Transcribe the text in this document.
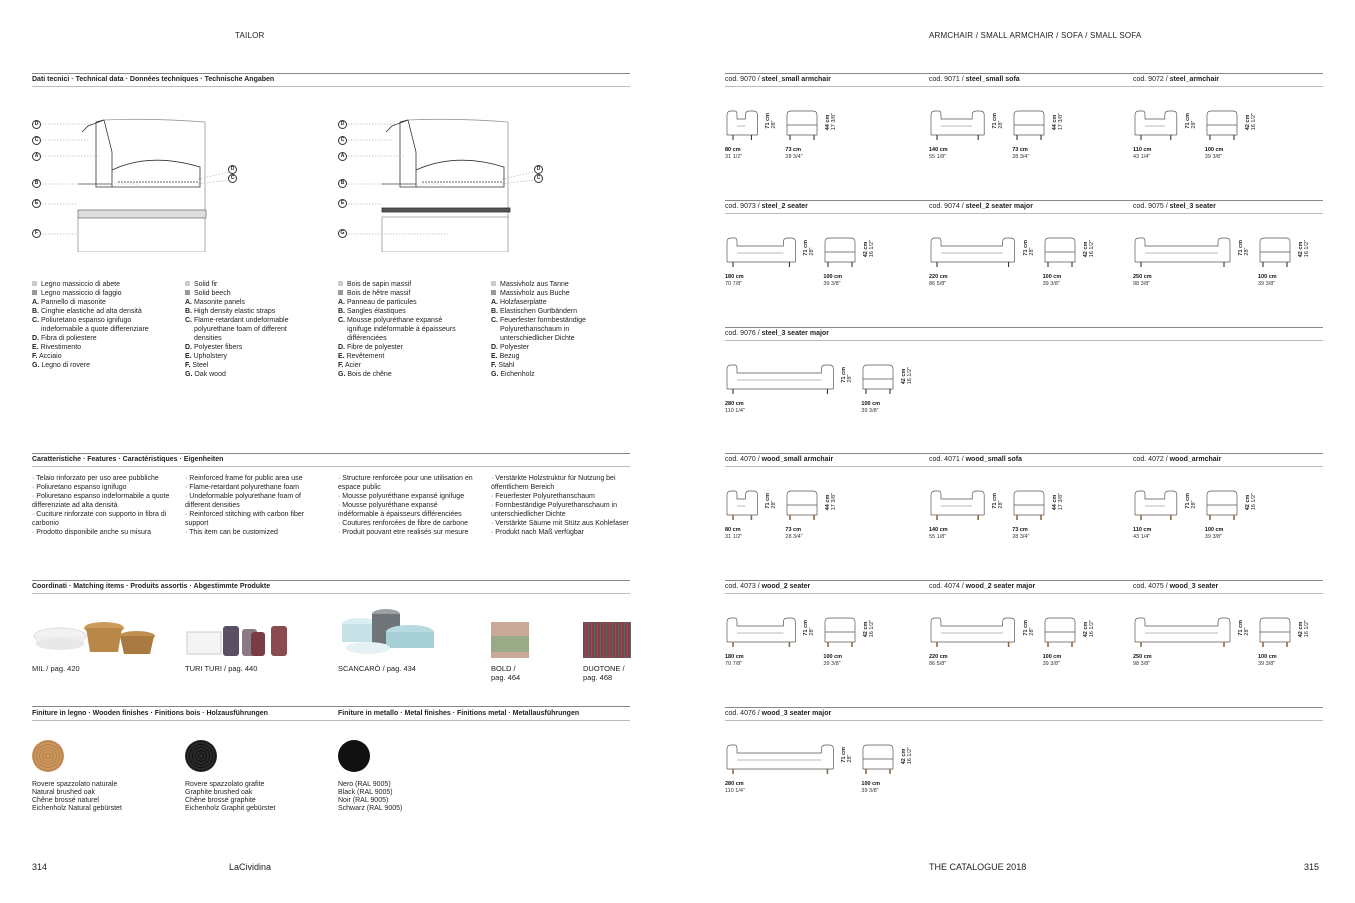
TAILOR
Dati tecnici · Technical data · Données techniques · Technische Angaben
D
C
A
B
E
F
D
C
D
C
A
B
E
G
D
C
Legno massiccio di abete
Legno massiccio di faggio
A. Pannello di masonite
B. Cinghie elastiche ad alta densità
C. Poliuretano espanso ignifugo indeformabile a quote differenziare
D. Fibra di poliestere
E. Rivestimento
F. Acciaio
G. Legno di rovere
Solid fir
Solid beech
A. Masonite panels
B. High density elastic straps
C. Flame-retardant undeformable polyurethane foam of different densities
D. Polyester fibers
E. Upholstery
F. Steel
G. Oak wood
Bois de sapin massif
Bois de hêtre massif
A. Panneau de particules
B. Sangles élastiques
C. Mousse polyuréthane expansé ignifuge indéformable à épaisseurs différenciées
D. Fibre de polyester
E. Revêtement
F. Acier
G. Bois de chêne
Massivholz aus Tanne
Massivholz aus Buche
A. Holzfaserplatte
B. Elastischen Gurtbändern
C. Feuerfester formbeständige Polyurethanschaum in unterschiedlicher Dichte
D. Polyester
E. Bezug
F. Stahl
G. Eichenholz
Caratteristiche · Features · Caractéristiques · Eigenheiten
· Telaio rinforzato per uso aree pubbliche
· Poliuretano espanso ignifugo
· Poliuretano espanso indeformabile a quote differenziate ad alta densità
· Cuciture rinforzate con supporto in fibra di carbonio
· Prodotto disponibile anche su misura
· Reinforced frame for public area use
· Flame-retardant polyurethane foam
· Undeformable polyurethane foam of different densities
· Reinforced stitching with carbon fiber support
· This item can be customized
· Structure renforcée pour une utilisation en espace public
· Mousse polyuréthane expansé ignifuge
· Mousse polyuréthane expansé indéformable à épaisseurs différenciées
· Coutures renforcées de fibre de carbone
· Produit pouvant etre realisés sur mesure
· Verstärkte Holzstruktur für Nutzung bei öffentlichem Bereich
· Feuerfester Polyurethanschaum
· Formbeständige Polyurethanschaum in unterschiedlicher Dichte
· Verstärkte Säume mit Stütz aus Kohlefaser
· Produkt nach Maß verfügbar
Coordinati · Matching items · Produits assortis · Abgestimmte Produkte
MIL / pag. 420	TURI TURI / pag. 440	SCANCARÒ / pag. 434	BOLD / pag. 464
DUOTONE / pag. 468
Finiture in legno · Wooden finishes · Finitions bois · Holzausführungen	Finiture in metallo · Metal finishes · Finitions metal · Metallausführungen
Rovere spazzolato naturale
Natural brushed oak
Chêne brossé naturel
Eichenholz Natural gebürstet
Rovere spazzolato grafite
Graphite brushed oak
Chêne brossé graphite
Eichenholz Graphit gebürstet
Nero (RAL 9005)
Black (RAL 9005)
Noir (RAL 9005)
Schwarz (RAL 9005)
314	LaCividina
ARMCHAIR / SMALL ARMCHAIR / SOFA / SMALL SOFA
cod. 9070 / steel_small armchair
71 cm
28"	44 cm
17 3/8"
80 cm
31 1/2"
73 cm
28 3/4"
cod. 9071 / steel_small sofa
71 cm
28"	44 cm
17 3/8"
140 cm
55 1/8"
73 cm
28 3/4"
cod. 9072 / steel_armchair
71 cm
28"	42 cm
16 1/2"
110 cm
43 1/4"
100 cm
39 3/8"
cod. 9073 / steel_2 seater
71 cm
28"	42 cm
16 1/2"
180 cm
70 7/8"
100 cm
39 3/8"
cod. 9074 / steel_2 seater major
71 cm
28"	42 cm
16 1/2"
220 cm
86 5/8"
100 cm
39 3/8"
cod. 9075 / steel_3 seater
71 cm
28"	42 cm
16 1/2"
250 cm
98 3/8"
100 cm
39 3/8"
cod. 9076 / steel_3 seater major
71 cm
28"	42 cm
16 1/2"
280 cm
110 1/4"
100 cm
39 3/8"
cod. 4070 / wood_small armchair
71 cm
28"	44 cm
17 3/8"
80 cm
31 1/2"
73 cm
28 3/4"
cod. 4071 / wood_small sofa
71 cm
28"	44 cm
17 3/8"
140 cm
55 1/8"
73 cm
28 3/4"
cod. 4072 / wood_armchair
71 cm
28"	42 cm
16 1/2"
110 cm
43 1/4"
100 cm
39 3/8"
cod. 4073 / wood_2 seater
71 cm
28"	42 cm
16 1/2"
180 cm
70 7/8"
100 cm
39 3/8"
cod. 4074 / wood_2 seater major
71 cm
28"	42 cm
16 1/2"
220 cm
86 5/8"
100 cm
39 3/8"
cod. 4075 / wood_3 seater
71 cm
28"	42 cm
16 1/2"
250 cm
98 3/8"
100 cm
39 3/8"
cod. 4076 / wood_3 seater major
71 cm
28"	42 cm
16 1/2"
280 cm
110 1/4"
100 cm
39 3/8"
THE CATALOGUE 2018	315
